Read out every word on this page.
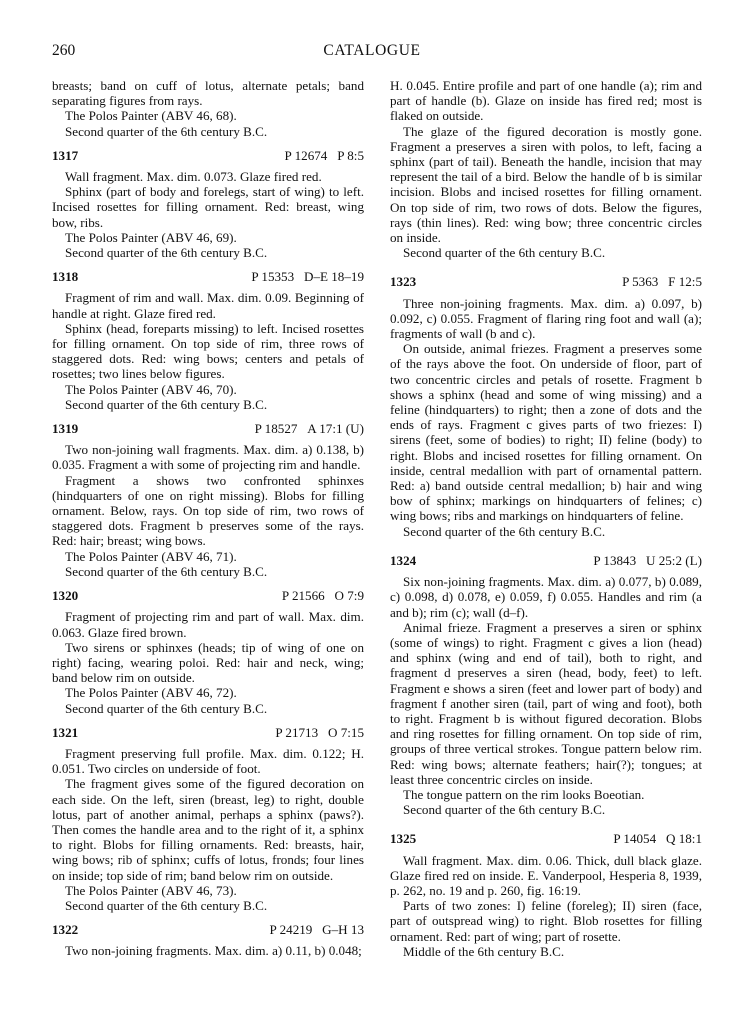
260	CATALOGUE

breasts; band on cuff of lotus, alternate petals; band separating figures from rays.

The Polos Painter (ABV 46, 68).

Second quarter of the 6th century B.C.

1317	P 12674 P 8:5

Wall fragment. Max. dim. 0.073. Glaze fired red.

Sphinx (part of body and forelegs, start of wing) to left. Incised rosettes for filling ornament. Red: breast, wing bow, ribs.

The Polos Painter (ABV 46, 69).

Second quarter of the 6th century B.C.

1318	P 15353 D–E 18–19

Fragment of rim and wall. Max. dim. 0.09. Beginning of handle at right. Glaze fired red.

Sphinx (head, foreparts missing) to left. Incised rosettes for filling ornament. On top side of rim, three rows of staggered dots. Red: wing bows; centers and petals of rosettes; two lines below figures.

The Polos Painter (ABV 46, 70).

Second quarter of the 6th century B.C.

1319	P 18527 A 17:1 (U)

Two non-joining wall fragments. Max. dim. a) 0.138, b) 0.035. Fragment a with some of projecting rim and handle.

Fragment a shows two confronted sphinxes (hindquarters of one on right missing). Blobs for filling ornament. Below, rays. On top side of rim, two rows of staggered dots. Fragment b preserves some of the rays. Red: hair; breast; wing bows.

The Polos Painter (ABV 46, 71).

Second quarter of the 6th century B.C.

1320	P 21566 O 7:9

Fragment of projecting rim and part of wall. Max. dim. 0.063. Glaze fired brown.

Two sirens or sphinxes (heads; tip of wing of one on right) facing, wearing poloi. Red: hair and neck, wing; band below rim on outside.

The Polos Painter (ABV 46, 72).

Second quarter of the 6th century B.C.

1321	P 21713 O 7:15

Fragment preserving full profile. Max. dim. 0.122; H. 0.051. Two circles on underside of foot.

The fragment gives some of the figured decoration on each side. On the left, siren (breast, leg) to right, double lotus, part of another animal, perhaps a sphinx (paws?). Then comes the handle area and to the right of it, a sphinx to right. Blobs for filling ornaments. Red: breasts, hair, wing bows; rib of sphinx; cuffs of lotus, fronds; four lines on inside; top side of rim; band below rim on outside.

The Polos Painter (ABV 46, 73).

Second quarter of the 6th century B.C.

1322	P 24219 G–H 13

Two non-joining fragments. Max. dim. a) 0.11, b) 0.048;

H. 0.045. Entire profile and part of one handle (a); rim and part of handle (b). Glaze on inside has fired red; most is flaked on outside.

The glaze of the figured decoration is mostly gone. Fragment a preserves a siren with polos, to left, facing a sphinx (part of tail). Beneath the handle, incision that may represent the tail of a bird. Below the handle of b is similar incision. Blobs and incised rosettes for filling ornament. On top side of rim, two rows of dots. Below the figures, rays (thin lines). Red: wing bow; three concentric circles on inside.

Second quarter of the 6th century B.C.

1323	P 5363 F 12:5

Three non-joining fragments. Max. dim. a) 0.097, b) 0.092, c) 0.055. Fragment of flaring ring foot and wall (a); fragments of wall (b and c).

On outside, animal friezes. Fragment a preserves some of the rays above the foot. On underside of floor, part of two concentric circles and petals of rosette. Fragment b shows a sphinx (head and some of wing missing) and a feline (hindquarters) to right; then a zone of dots and the ends of rays. Fragment c gives parts of two friezes: I) sirens (feet, some of bodies) to right; II) feline (body) to right. Blobs and incised rosettes for filling ornament. On inside, central medallion with part of ornamental pattern. Red: a) band outside central medallion; b) hair and wing bow of sphinx; markings on hindquarters of felines; c) wing bows; ribs and markings on hindquarters of feline.

Second quarter of the 6th century B.C.

1324	P 13843 U 25:2 (L)

Six non-joining fragments. Max. dim. a) 0.077, b) 0.089, c) 0.098, d) 0.078, e) 0.059, f) 0.055. Handles and rim (a and b); rim (c); wall (d–f).

Animal frieze. Fragment a preserves a siren or sphinx (some of wings) to right. Fragment c gives a lion (head) and sphinx (wing and end of tail), both to right, and fragment d preserves a siren (head, body, feet) to left. Fragment e shows a siren (feet and lower part of body) and fragment f another siren (tail, part of wing and foot), both to right. Fragment b is without figured decoration. Blobs and ring rosettes for filling ornament. On top side of rim, groups of three vertical strokes. Tongue pattern below rim. Red: wing bows; alternate feathers; hair(?); tongues; at least three concentric circles on inside.

The tongue pattern on the rim looks Boeotian.

Second quarter of the 6th century B.C.

1325	P 14054 Q 18:1

Wall fragment. Max. dim. 0.06. Thick, dull black glaze. Glaze fired red on inside. E. Vanderpool, Hesperia 8, 1939, p. 262, no. 19 and p. 260, fig. 16:19.

Parts of two zones: I) feline (foreleg); II) siren (face, part of outspread wing) to right. Blob rosettes for filling ornament. Red: part of wing; part of rosette.

Middle of the 6th century B.C.
